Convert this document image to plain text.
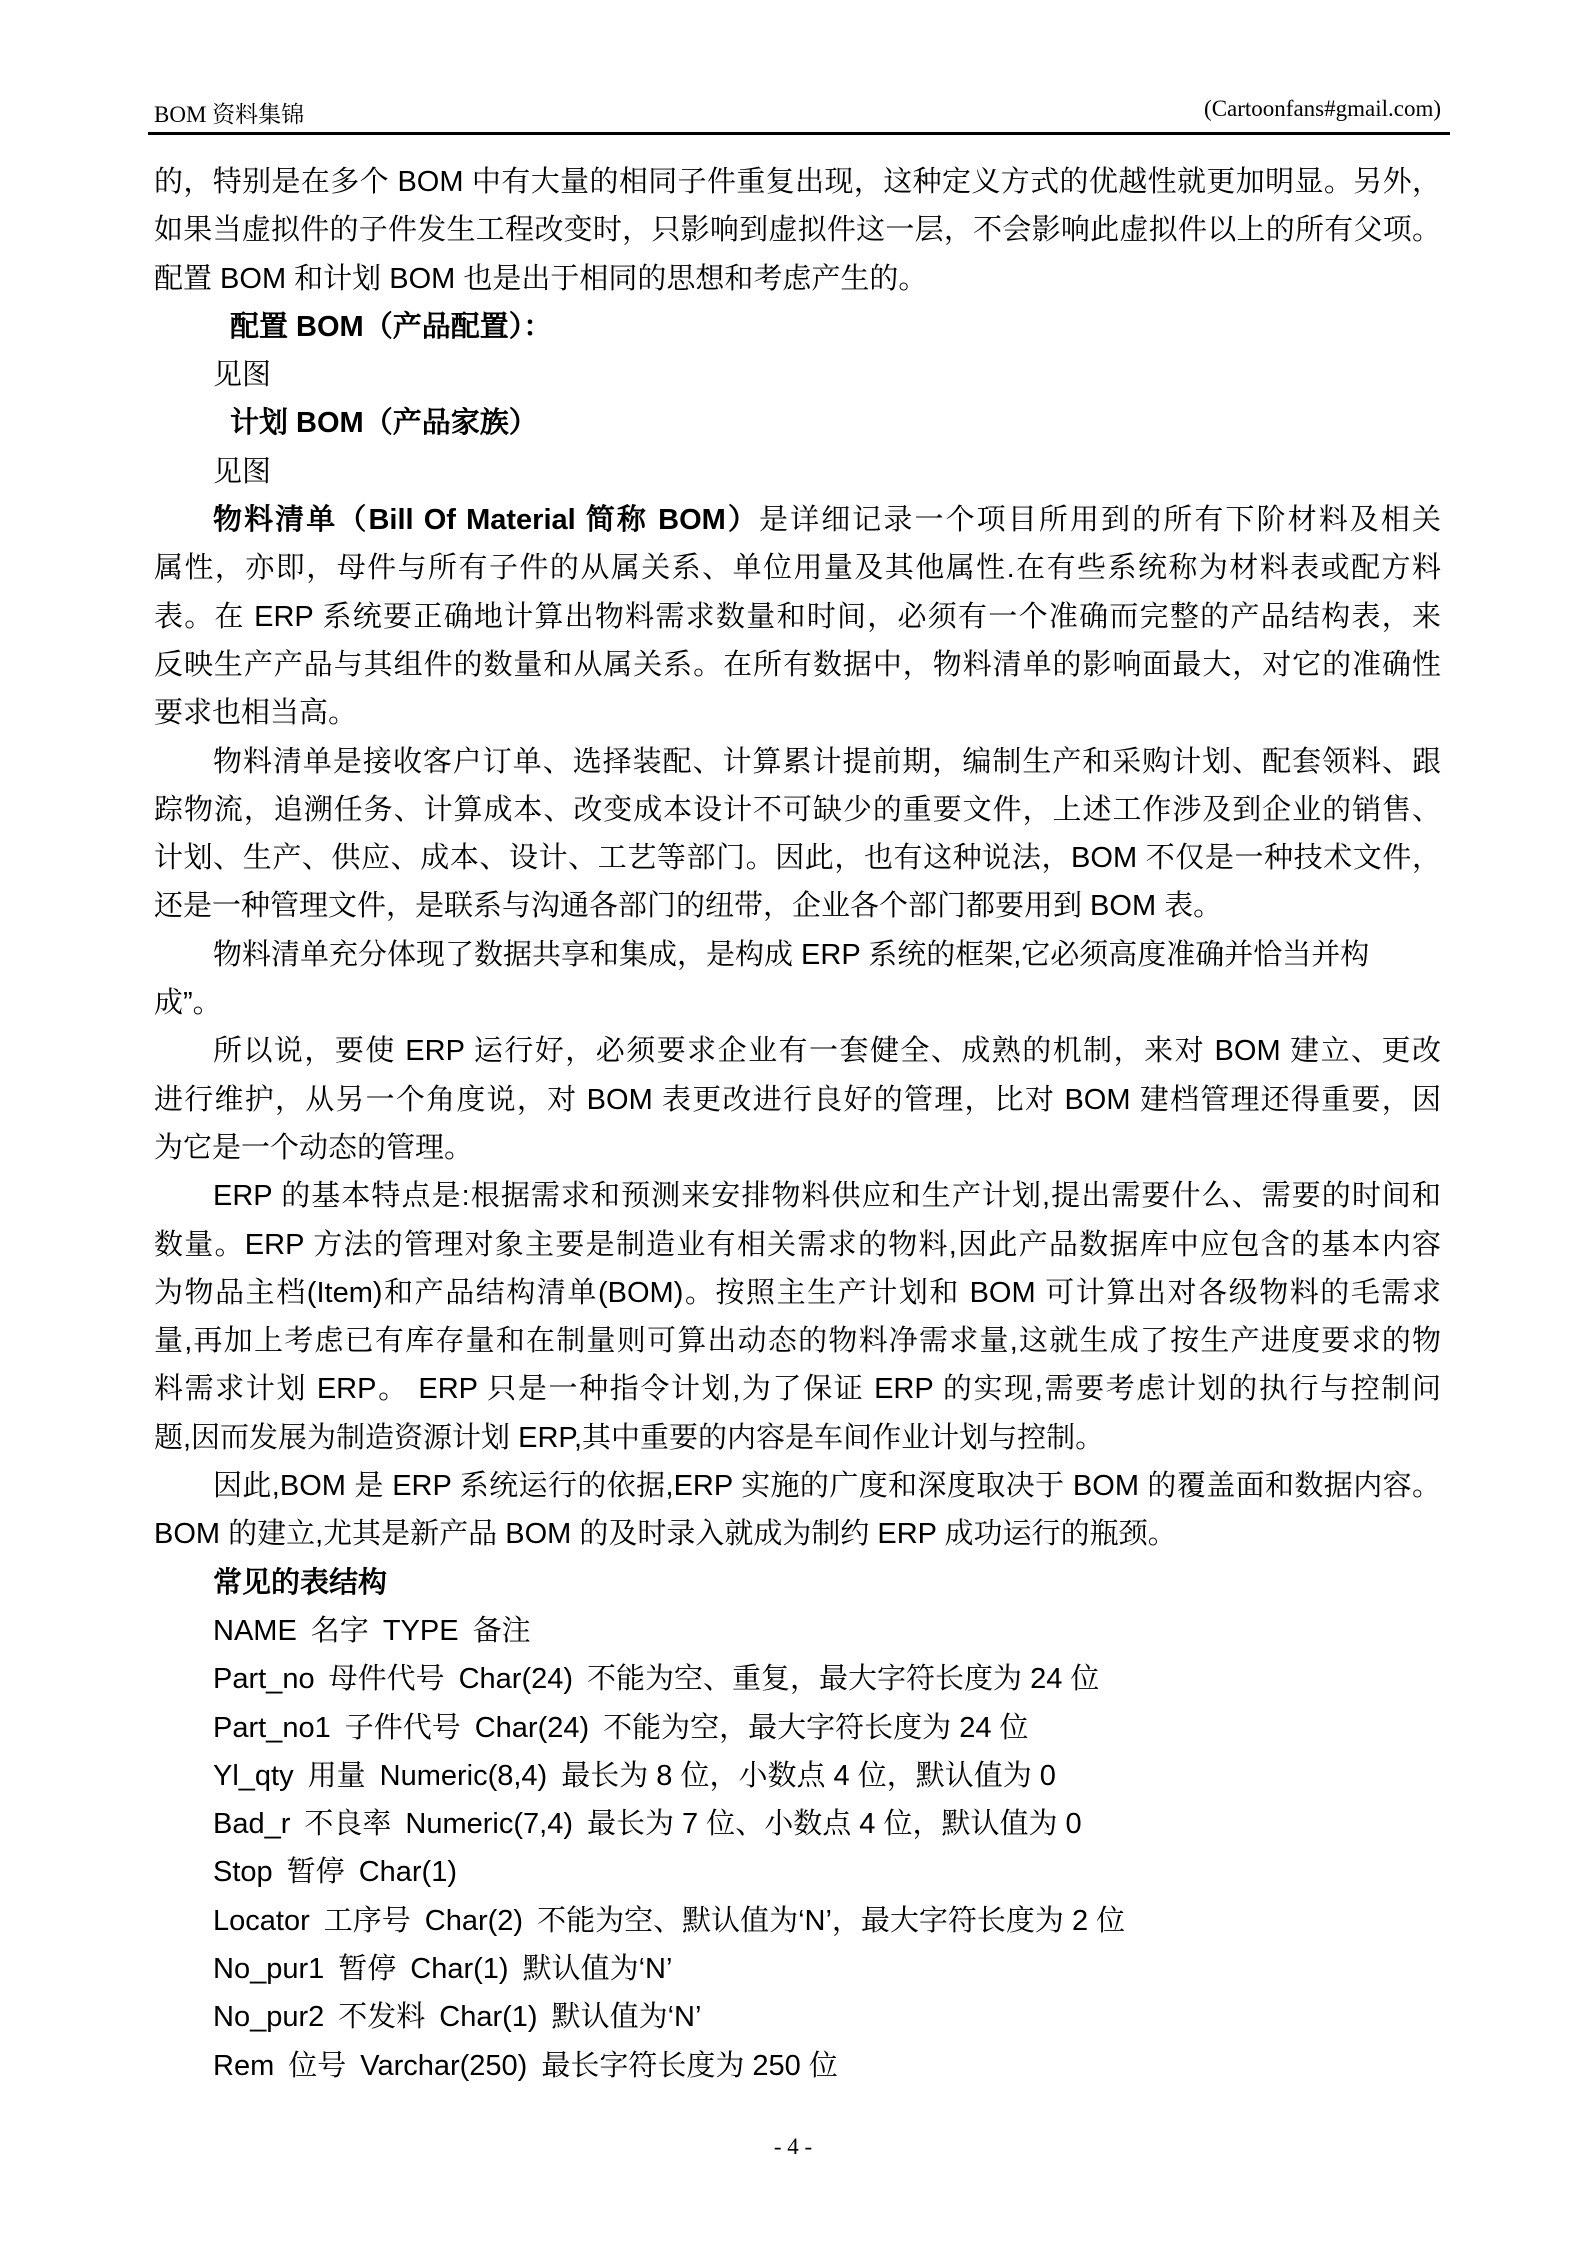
BOM 资料集锦	(Cartoonfans#gmail.com)
的，特别是在多个 BOM 中有大量的相同子件重复出现，这种定义方式的优越性就更加明显。另外，
如果当虚拟件的子件发生工程改变时，只影响到虚拟件这一层，不会影响此虚拟件以上的所有父项。
配置 BOM 和计划 BOM 也是出于相同的思想和考虑产生的。
配置 BOM（产品配置）：
见图
计划 BOM（产品家族）
见图
物料清单（Bill Of Material 简称 BOM）是详细记录一个项目所用到的所有下阶材料及相关
属性，亦即，母件与所有子件的从属关系、单位用量及其他属性.在有些系统称为材料表或配方料
表。在 ERP 系统要正确地计算出物料需求数量和时间，必须有一个准确而完整的产品结构表，来
反映生产产品与其组件的数量和从属关系。在所有数据中，物料清单的影响面最大，对它的准确性
要求也相当高。
物料清单是接收客户订单、选择装配、计算累计提前期，编制生产和采购计划、配套领料、跟
踪物流，追溯任务、计算成本、改变成本设计不可缺少的重要文件，上述工作涉及到企业的销售、
计划、生产、供应、成本、设计、工艺等部门。因此，也有这种说法，BOM 不仅是一种技术文件，
还是一种管理文件，是联系与沟通各部门的纽带，企业各个部门都要用到 BOM 表。
物料清单充分体现了数据共享和集成，是构成 ERP 系统的框架,它必须高度准确并恰当并构
成”。
所以说，要使 ERP 运行好，必须要求企业有一套健全、成熟的机制，来对 BOM 建立、更改
进行维护，从另一个角度说，对 BOM 表更改进行良好的管理，比对 BOM 建档管理还得重要，因
为它是一个动态的管理。
ERP 的基本特点是:根据需求和预测来安排物料供应和生产计划,提出需要什么、需要的时间和
数量。ERP 方法的管理对象主要是制造业有相关需求的物料,因此产品数据库中应包含的基本内容
为物品主档(Item)和产品结构清单(BOM)。按照主生产计划和 BOM 可计算出对各级物料的毛需求
量,再加上考虑已有库存量和在制量则可算出动态的物料净需求量,这就生成了按生产进度要求的物
料需求计划 ERP。 ERP 只是一种指令计划,为了保证 ERP 的实现,需要考虑计划的执行与控制问
题,因而发展为制造资源计划 ERP,其中重要的内容是车间作业计划与控制。
因此,BOM 是 ERP 系统运行的依据,ERP 实施的广度和深度取决于 BOM 的覆盖面和数据内容。
BOM 的建立,尤其是新产品 BOM 的及时录入就成为制约 ERP 成功运行的瓶颈。
常见的表结构
NAME 名字 TYPE 备注
Part_no 母件代号 Char(24) 不能为空、重复，最大字符长度为 24 位
Part_no1 子件代号 Char(24) 不能为空，最大字符长度为 24 位
Yl_qty 用量 Numeric(8,4) 最长为 8 位，小数点 4 位，默认值为 0
Bad_r 不良率 Numeric(7,4) 最长为 7 位、小数点 4 位，默认值为 0
Stop 暂停 Char(1)
Locator 工序号 Char(2) 不能为空、默认值为‘N’，最大字符长度为 2 位
No_pur1 暂停 Char(1) 默认值为‘N’
No_pur2 不发料 Char(1) 默认值为‘N’
Rem 位号 Varchar(250) 最长字符长度为 250 位
- 4 -
